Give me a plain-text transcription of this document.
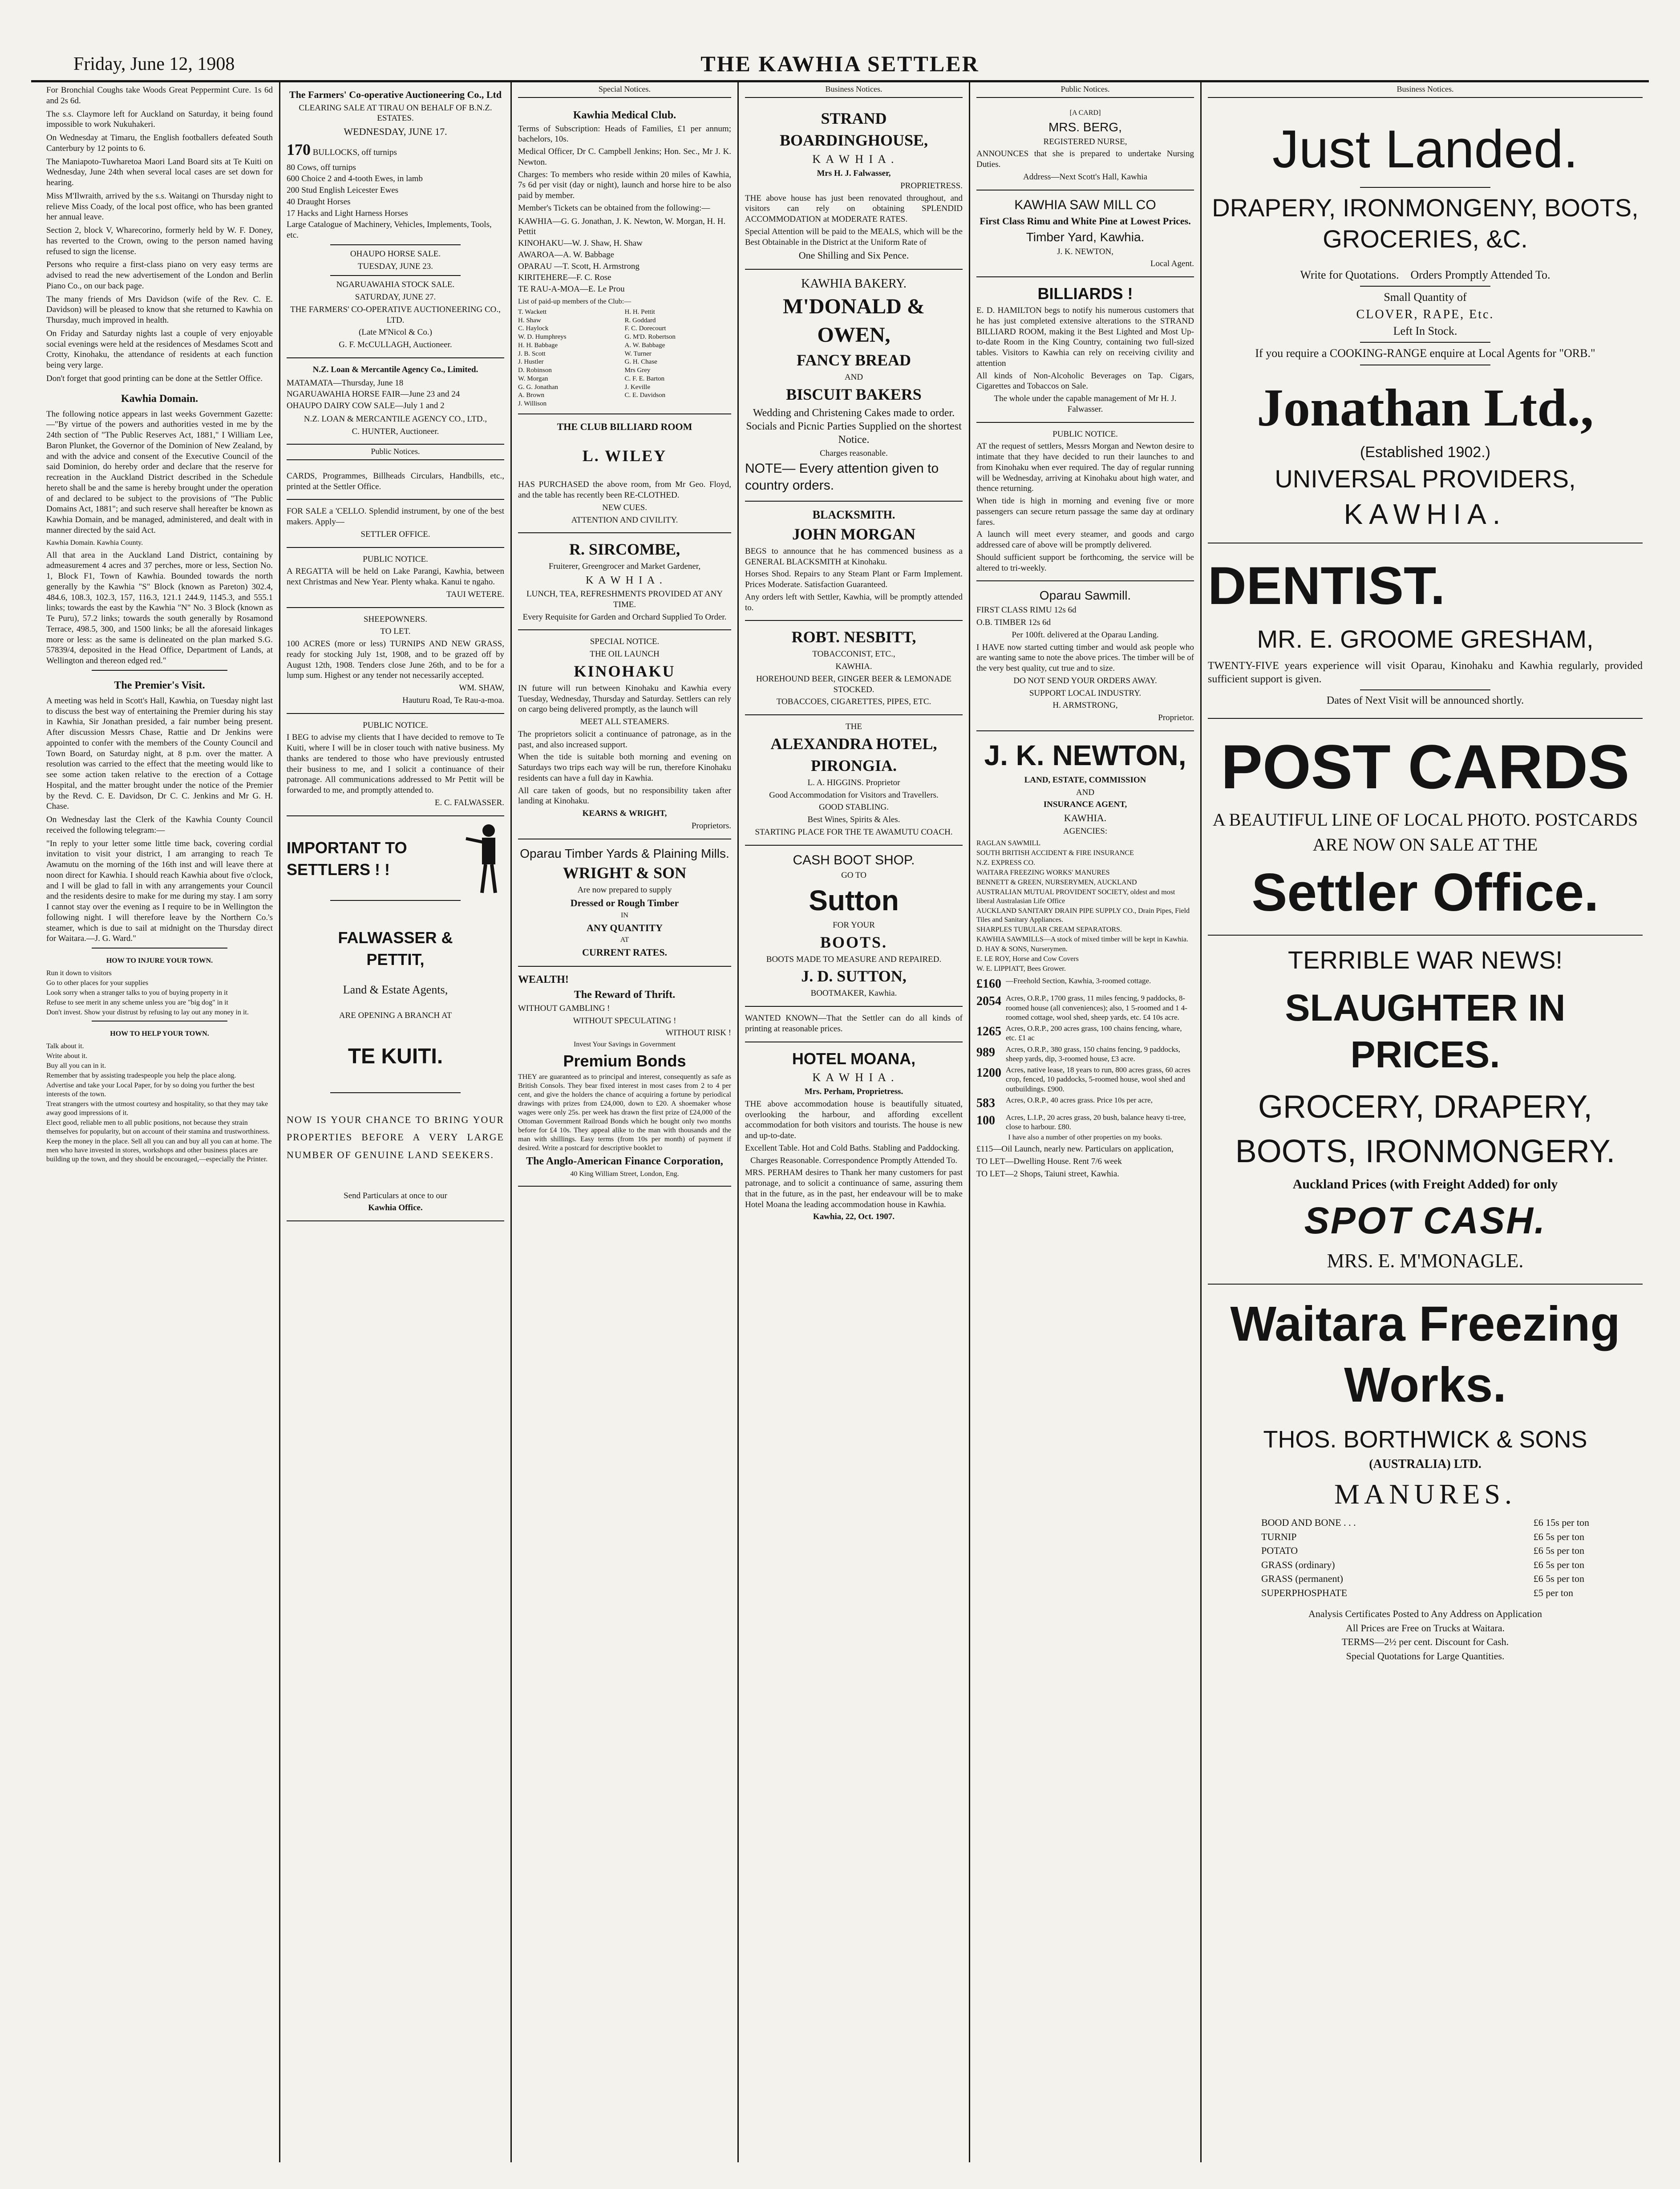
Friday, June 12, 1908	THE KAWHIA SETTLER

For Bronchial Coughs take Woods Great Peppermint Cure. 1s 6d and 2s 6d.

The s.s. Claymore left for Auckland on Saturday, it being found impossible to work Nukuhakeri.

On Wednesday at Timaru, the English footballers defeated South Canterbury by 12 points to 6.

The Maniapoto-Tuwharetoa Maori Land Board sits at Te Kuiti on Wednesday, June 24th when several local cases are set down for hearing.

Miss M'Ilwraith, arrived by the s.s. Waitangi on Thursday night to relieve Miss Coady, of the local post office, who has been granted her annual leave.

Section 2, block V, Wharecorino, formerly held by W. F. Doney, has reverted to the Crown, owing to the person named having refused to sign the license.

Persons who require a first-class piano on very easy terms are advised to read the new advertisement of the London and Berlin Piano Co., on our back page.

The many friends of Mrs Davidson (wife of the Rev. C. E. Davidson) will be pleased to know that she returned to Kawhia on Thursday, much improved in health.

On Friday and Saturday nights last a couple of very enjoyable social evenings were held at the residences of Mesdames Scott and Crotty, Kinohaku, the attendance of residents at each function being very large.

Don't forget that good printing can be done at the Settler Office.

Kawhia Domain.

The following notice appears in last weeks Government Gazette:—"By virtue of the powers and authorities vested in me by the 24th section of "The Public Reserves Act, 1881," I William Lee, Baron Plunket, the Governor of the Dominion of New Zealand, by and with the advice and consent of the Executive Council of the said Dominion, do hereby order and declare that the reserve for recreation in the Auckland District described in the Schedule hereto shall be and the same is hereby brought under the operation of and declared to be subject to the provisions of "The Public Domains Act, 1881"; and such reserve shall hereafter be known as Kawhia Domain, and be managed, administered, and dealt with in manner directed by the said Act.

Kawhia Domain. Kawhia County.

All that area in the Auckland Land District, containing by admeasurement 4 acres and 37 perches, more or less, Section No. 1, Block F1, Town of Kawhia. Bounded towards the north generally by the Kawhia "S" Block (known as Pareton) 302.4, 484.6, 108.3, 102.3, 157, 116.3, 121.1 244.9, 1145.3, and 555.1 links; towards the east by the Kawhia "N" No. 3 Block (known as Te Puru), 57.2 links; towards the south generally by Rosamond Terrace, 498.5, 300, and 1500 links; be all the aforesaid linkages more or less: as the same is delineated on the plan marked S.G. 57839/4, deposited in the Head Office, Department of Lands, at Wellington and thereon edged red."

The Premier's Visit.

A meeting was held in Scott's Hall, Kawhia, on Tuesday night last to discuss the best way of entertaining the Premier during his stay in Kawhia, Sir Jonathan presided, a fair number being present. After discussion Messrs Chase, Rattie and Dr Jenkins were appointed to confer with the members of the County Council and Town Board, on Saturday night, at 8 p.m. over the matter. A resolution was carried to the effect that the meeting would like to see some action taken relative to the erection of a Cottage Hospital, and the matter brought under the notice of the Premier by the Revd. C. E. Davidson, Dr C. C. Jenkins and Mr G. H. Chase.

On Wednesday last the Clerk of the Kawhia County Council received the following telegram:—

"In reply to your letter some little time back, covering cordial invitation to visit your district, I am arranging to reach Te Awamutu on the morning of the 16th inst and will leave there at noon direct for Kawhia. I should reach Kawhia about five o'clock, and I will be glad to fall in with any arrangements your Council and the residents desire to make for me during my stay. I am sorry I cannot stay over the evening as I require to be in Wellington the following night. I will therefore leave by the Northern Co.'s steamer, which is due to sail at midnight on the Thursday direct for Waitara.—J. G. Ward."

HOW TO INJURE YOUR TOWN.
Run it down to visitors
Go to other places for your supplies
Look sorry when a stranger talks to you of buying property in it
Refuse to see merit in any scheme unless you are "big dog" in it
Don't invest. Show your distrust by refusing to lay out any money in it.
HOW TO HELP YOUR TOWN.
Talk about it.
Write about it.
Buy all you can in it.
Remember that by assisting tradespeople you help the place along.
Advertise and take your Local Paper, for by so doing you further the best interests of the town.
Treat strangers with the utmost courtesy and hospitality, so that they may take away good impressions of it.
Elect good, reliable men to all public positions, not because they strain themselves for popularity, but on account of their stamina and trustworthiness.
Keep the money in the place. Sell all you can and buy all you can at home. The men who have invested in stores, workshops and other business places are building up the town, and they should be encouraged,—especially the Printer.

The Farmers' Co-operative Auctioneering Co., Ltd

CLEARING SALE AT TIRAU ON BEHALF OF B.N.Z. ESTATES.

WEDNESDAY, JUNE 17.

170 BULLOCKS, off turnips

80 Cows, off turnips
600 Choice 2 and 4-tooth Ewes, in lamb
200 Stud English Leicester Ewes
40 Draught Horses
17 Hacks and Light Harness Horses
Large Catalogue of Machinery, Vehicles, Implements, Tools, etc.

OHAUPO HORSE SALE.

TUESDAY, JUNE 23.

NGARUAWAHIA STOCK SALE.

SATURDAY, JUNE 27.

THE FARMERS' CO-OPERATIVE AUCTIONEERING CO., LTD.

(Late M'Nicol & Co.)

G. F. McCULLAGH, Auctioneer.

N.Z. Loan & Mercantile Agency Co., Limited.

MATAMATA—Thursday, June 18
NGARUAWAHIA HORSE FAIR—June 23 and 24
OHAUPO DAIRY COW SALE—July 1 and 2

N.Z. LOAN & MERCANTILE AGENCY CO., LTD.,

C. HUNTER, Auctioneer.

Public Notices.

CARDS, Programmes, Billheads Circulars, Handbills, etc., printed at the Settler Office.

FOR SALE a 'CELLO. Splendid instrument, by one of the best makers. Apply—

SETTLER OFFICE.

PUBLIC NOTICE.

A REGATTA will be held on Lake Parangi, Kawhia, between next Christmas and New Year. Plenty whaka. Kanui te ngaho.

TAUI WETERE.

SHEEPOWNERS.

TO LET.

100 ACRES (more or less) TURNIPS AND NEW GRASS, ready for stocking July 1st, 1908, and to be grazed off by August 12th, 1908. Tenders close June 26th, and to be for a lump sum. Highest or any tender not necessarily accepted.

WM. SHAW,

Hauturu Road, Te Rau-a-moa.

PUBLIC NOTICE.

I BEG to advise my clients that I have decided to remove to Te Kuiti, where I will be in closer touch with native business. My thanks are tendered to those who have previously entrusted their business to me, and I solicit a continuance of their patronage. All communications addressed to Mr Pettit will be forwarded to me, and promptly attended to.

E. C. FALWASSER.

IMPORTANT TO

SETTLERS ! !

FALWASSER &

PETTIT,

Land & Estate Agents,

ARE OPENING A BRANCH AT

TE KUITI.

NOW IS YOUR CHANCE TO BRING YOUR PROPERTIES BEFORE A VERY LARGE NUMBER OF GENUINE LAND SEEKERS.

Send Particulars at once to our

Kawhia Office.

Special Notices.

Kawhia Medical Club.

Terms of Subscription: Heads of Families, £1 per annum; bachelors, 10s.

Medical Officer, Dr C. Campbell Jenkins; Hon. Sec., Mr J. K. Newton.

Charges: To members who reside within 20 miles of Kawhia, 7s 6d per visit (day or night), launch and horse hire to be also paid by member.

Member's Tickets can be obtained from the following:—

KAWHIA—G. G. Jonathan, J. K. Newton, W. Morgan, H. H. Pettit
KINOHAKU—W. J. Shaw, H. Shaw
AWAROA—A. W. Babbage
OPARAU —T. Scott, H. Armstrong
KIRITEHERE—F. C. Rose
TE RAU-A-MOA—E. Le Prou

List of paid-up members of the Club:—

T. Wackett	H. H. Pettit
H. Shaw	R. Goddard
C. Haylock	F. C. Dorecourt
W. D. Humphreys	G. M'D. Robertson
H. H. Babbage	A. W. Babbage
J. B. Scott	W. Turner
J. Hustler	G. H. Chase
D. Robinson	Mrs Grey
W. Morgan	C. F. E. Barton
G. G. Jonathan	J. Keville
A. Brown	C. E. Davidson
J. Willison

THE CLUB BILLIARD ROOM

L. WILEY

HAS PURCHASED the above room, from Mr Geo. Floyd, and the table has recently been RE-CLOTHED.

NEW CUES.

ATTENTION AND CIVILITY.

R. SIRCOMBE,

Fruiterer, Greengrocer and Market Gardener,

K A W H I A .

LUNCH, TEA, REFRESHMENTS PROVIDED AT ANY TIME.

Every Requisite for Garden and Orchard Supplied To Order.

SPECIAL NOTICE.

THE OIL LAUNCH

KINOHAKU

IN future will run between Kinohaku and Kawhia every Tuesday, Wednesday, Thursday and Saturday. Settlers can rely on cargo being delivered promptly, as the launch will

MEET ALL STEAMERS.

The proprietors solicit a continuance of patronage, as in the past, and also increased support.

When the tide is suitable both morning and evening on Saturdays two trips each way will be run, therefore Kinohaku residents can have a full day in Kawhia.

All care taken of goods, but no responsibility taken after landing at Kinohaku.

KEARNS & WRIGHT,

Proprietors.

Oparau Timber Yards & Plaining Mills.

WRIGHT & SON

Are now prepared to supply

Dressed or Rough Timber

IN

ANY QUANTITY

AT

CURRENT RATES.

WEALTH!

The Reward of Thrift.

WITHOUT GAMBLING !

WITHOUT SPECULATING !

WITHOUT RISK !

Invest Your Savings in Government

Premium Bonds

THEY are guaranteed as to principal and interest, consequently as safe as British Consols. They bear fixed interest in most cases from 2 to 4 per cent, and give the holders the chance of acquiring a fortune by periodical drawings with prizes from £24,000, down to £20. A shoemaker whose wages were only 25s. per week has drawn the first prize of £24,000 of the Ottoman Government Railroad Bonds which he bought only two months before for £4 10s. They appeal alike to the man with thousands and the man with shillings. Easy terms (from 10s per month) of payment if desired. Write a postcard for descriptive booklet to

The Anglo-American Finance Corporation,

40 King William Street, London, Eng.

Business Notices.

STRAND

BOARDINGHOUSE,

K A W H I A .

Mrs H. J. Falwasser,

PROPRIETRESS.

THE above house has just been renovated throughout, and visitors can rely on obtaining SPLENDID ACCOMMODATION at MODERATE RATES.

Special Attention will be paid to the MEALS, which will be the Best Obtainable in the District at the Uniform Rate of

One Shilling and Six Pence.

KAWHIA BAKERY.

M'DONALD &

OWEN,

FANCY BREAD

AND

BISCUIT BAKERS

Wedding and Christening Cakes made to order. Socials and Picnic Parties Supplied on the shortest Notice.

Charges reasonable.

NOTE— Every attention given to country orders.

BLACKSMITH.

JOHN MORGAN

BEGS to announce that he has commenced business as a GENERAL BLACKSMITH at Kinohaku.

Horses Shod. Repairs to any Steam Plant or Farm Implement. Prices Moderate. Satisfaction Guaranteed.

Any orders left with Settler, Kawhia, will be promptly attended to.

ROBT. NESBITT,

TOBACCONIST, ETC.,

KAWHIA.

HOREHOUND BEER, GINGER BEER & LEMONADE STOCKED.

TOBACCOES, CIGARETTES, PIPES, ETC.

THE

ALEXANDRA HOTEL,

PIRONGIA.

L. A. HIGGINS. Proprietor

Good Accommodation for Visitors and Travellers.

GOOD STABLING.

Best Wines, Spirits & Ales.

STARTING PLACE FOR THE TE AWAMUTU COACH.

CASH BOOT SHOP.

GO TO

Sutton

FOR YOUR

BOOTS.

BOOTS MADE TO MEASURE AND REPAIRED.

J. D. SUTTON,

BOOTMAKER, Kawhia.

WANTED KNOWN—That the Settler can do all kinds of printing at reasonable prices.

HOTEL MOANA,

K A W H I A .

Mrs. Perham, Proprietress.

THE above accommodation house is beautifully situated, overlooking the harbour, and affording excellent accommodation for both visitors and tourists. The house is new and up-to-date.

Excellent Table. Hot and Cold Baths. Stabling and Paddocking.

Charges Reasonable. Correspondence Promptly Attended To.

MRS. PERHAM desires to Thank her many customers for past patronage, and to solicit a continuance of same, assuring them that in the future, as in the past, her endeavour will be to make Hotel Moana the leading accommodation house in Kawhia.

Kawhia, 22, Oct. 1907.

Public Notices.

[A CARD]

MRS. BERG,

REGISTERED NURSE,

ANNOUNCES that she is prepared to undertake Nursing Duties.

Address—Next Scott's Hall, Kawhia

KAWHIA SAW MILL CO

First Class Rimu and White Pine at Lowest Prices.

Timber Yard, Kawhia.

J. K. NEWTON,

Local Agent.

BILLIARDS !

E. D. HAMILTON begs to notify his numerous customers that he has just completed extensive alterations to the STRAND BILLIARD ROOM, making it the Best Lighted and Most Up-to-date Room in the King Country, containing two full-sized tables. Visitors to Kawhia can rely on receiving civility and attention

All kinds of Non-Alcoholic Beverages on Tap. Cigars, Cigarettes and Tobaccos on Sale.

The whole under the capable management of Mr H. J. Falwasser.

PUBLIC NOTICE.

AT the request of settlers, Messrs Morgan and Newton desire to intimate that they have decided to run their launches to and from Kinohaku when ever required. The day of regular running will be Wednesday, arriving at Kinohaku about high water, and thence returning.

When tide is high in morning and evening five or more passengers can secure return passage the same day at ordinary fares.

A launch will meet every steamer, and goods and cargo addressed care of above will be promptly delivered.

Should sufficient support be forthcoming, the service will be altered to tri-weekly.

Oparau Sawmill.

FIRST CLASS RIMU 12s 6d

O.B. TIMBER 12s 6d

Per 100ft. delivered at the Oparau Landing.

I HAVE now started cutting timber and would ask people who are wanting same to note the above prices. The timber will be of the very best quality, cut true and to size.

DO NOT SEND YOUR ORDERS AWAY.

SUPPORT LOCAL INDUSTRY.

H. ARMSTRONG,

Proprietor.

J. K. NEWTON,

LAND, ESTATE, COMMISSION

AND

INSURANCE AGENT,

KAWHIA.

AGENCIES:

RAGLAN SAWMILL
SOUTH BRITISH ACCIDENT & FIRE INSURANCE
N.Z. EXPRESS CO.
WAITARA FREEZING WORKS' MANURES
BENNETT & GREEN, NURSERYMEN, AUCKLAND
AUSTRALIAN MUTUAL PROVIDENT SOCIETY, oldest and most liberal Australasian Life Office
AUCKLAND SANITARY DRAIN PIPE SUPPLY CO., Drain Pipes, Field Tiles and Sanitary Appliances.
SHARPLES TUBULAR CREAM SEPARATORS.
KAWHIA SAWMILLS—A stock of mixed timber will be kept in Kawhia.
D. HAY & SONS, Nurserymen.
E. LE ROY, Horse and Cow Covers
W. E. LIPPIATT, Bees Grower.
£160 —Freehold Section, Kawhia, 3-roomed cottage.
2054 Acres, O.R.P., 1700 grass, 11 miles fencing, 9 paddocks, 8-roomed house (all conveniences); also, 1 5-roomed and 1 4-roomed cottage, wool shed, sheep yards, etc. £4 10s acre.
1265 Acres, O.R.P., 200 acres grass, 100 chains fencing, whare, etc. £1 ac
989	Acres, O.R.P., 380 grass, 150 chains fencing, 9 paddocks, sheep yards, dip, 3-roomed house, £3 acre.
1200 Acres, native lease, 18 years to run, 800 acres grass, 60 acres crop, fenced, 10 paddocks, 5-roomed house, wool shed and outbuildings. £900.
583	Acres, O.R.P., 40 acres grass. Price 10s per acre,
100	Acres, L.I.P., 20 acres grass, 20 bush, balance heavy ti-tree, close to harbour. £80.

I have also a number of other properties on my books.

£115—Oil Launch, nearly new. Particulars on application,

TO LET—Dwelling House. Rent 7/6 week

TO LET—2 Shops, Taiuni street, Kawhia.

Business Notices.

Just Landed.

DRAPERY, IRONMONGENY, BOOTS, GROCERIES, &C.

Write for Quotations. Orders Promptly Attended To.

Small Quantity of

CLOVER, RAPE, Etc.

Left In Stock.

If you require a COOKING-RANGE enquire at Local Agents for "ORB."

Jonathan Ltd.,

(Established 1902.)

UNIVERSAL PROVIDERS,

KAWHIA.

DENTIST.

MR. E. GROOME GRESHAM,

TWENTY-FIVE years experience will visit Oparau, Kinohaku and Kawhia regularly, provided sufficient support is given.

Dates of Next Visit will be announced shortly.

POST CARDS

A BEAUTIFUL LINE OF LOCAL PHOTO. POSTCARDS ARE NOW ON SALE AT THE

Settler Office.

TERRIBLE WAR NEWS!

SLAUGHTER IN PRICES.

GROCERY, DRAPERY,

BOOTS, IRONMONGERY.

Auckland Prices (with Freight Added) for only

SPOT CASH.

MRS. E. M'MONAGLE.

Waitara Freezing

Works.

THOS. BORTHWICK & SONS

(AUSTRALIA) LTD.

MANURES.

BOOD AND BONE . . .	£6 15s per ton
TURNIP	£6 5s per ton
POTATO	£6 5s per ton
GRASS (ordinary)	£6 5s per ton
GRASS (permanent)	£6 5s per ton
SUPERPHOSPHATE	£5 per ton

Analysis Certificates Posted to Any Address on Application

All Prices are Free on Trucks at Waitara.

TERMS—2½ per cent. Discount for Cash.

Special Quotations for Large Quantities.
